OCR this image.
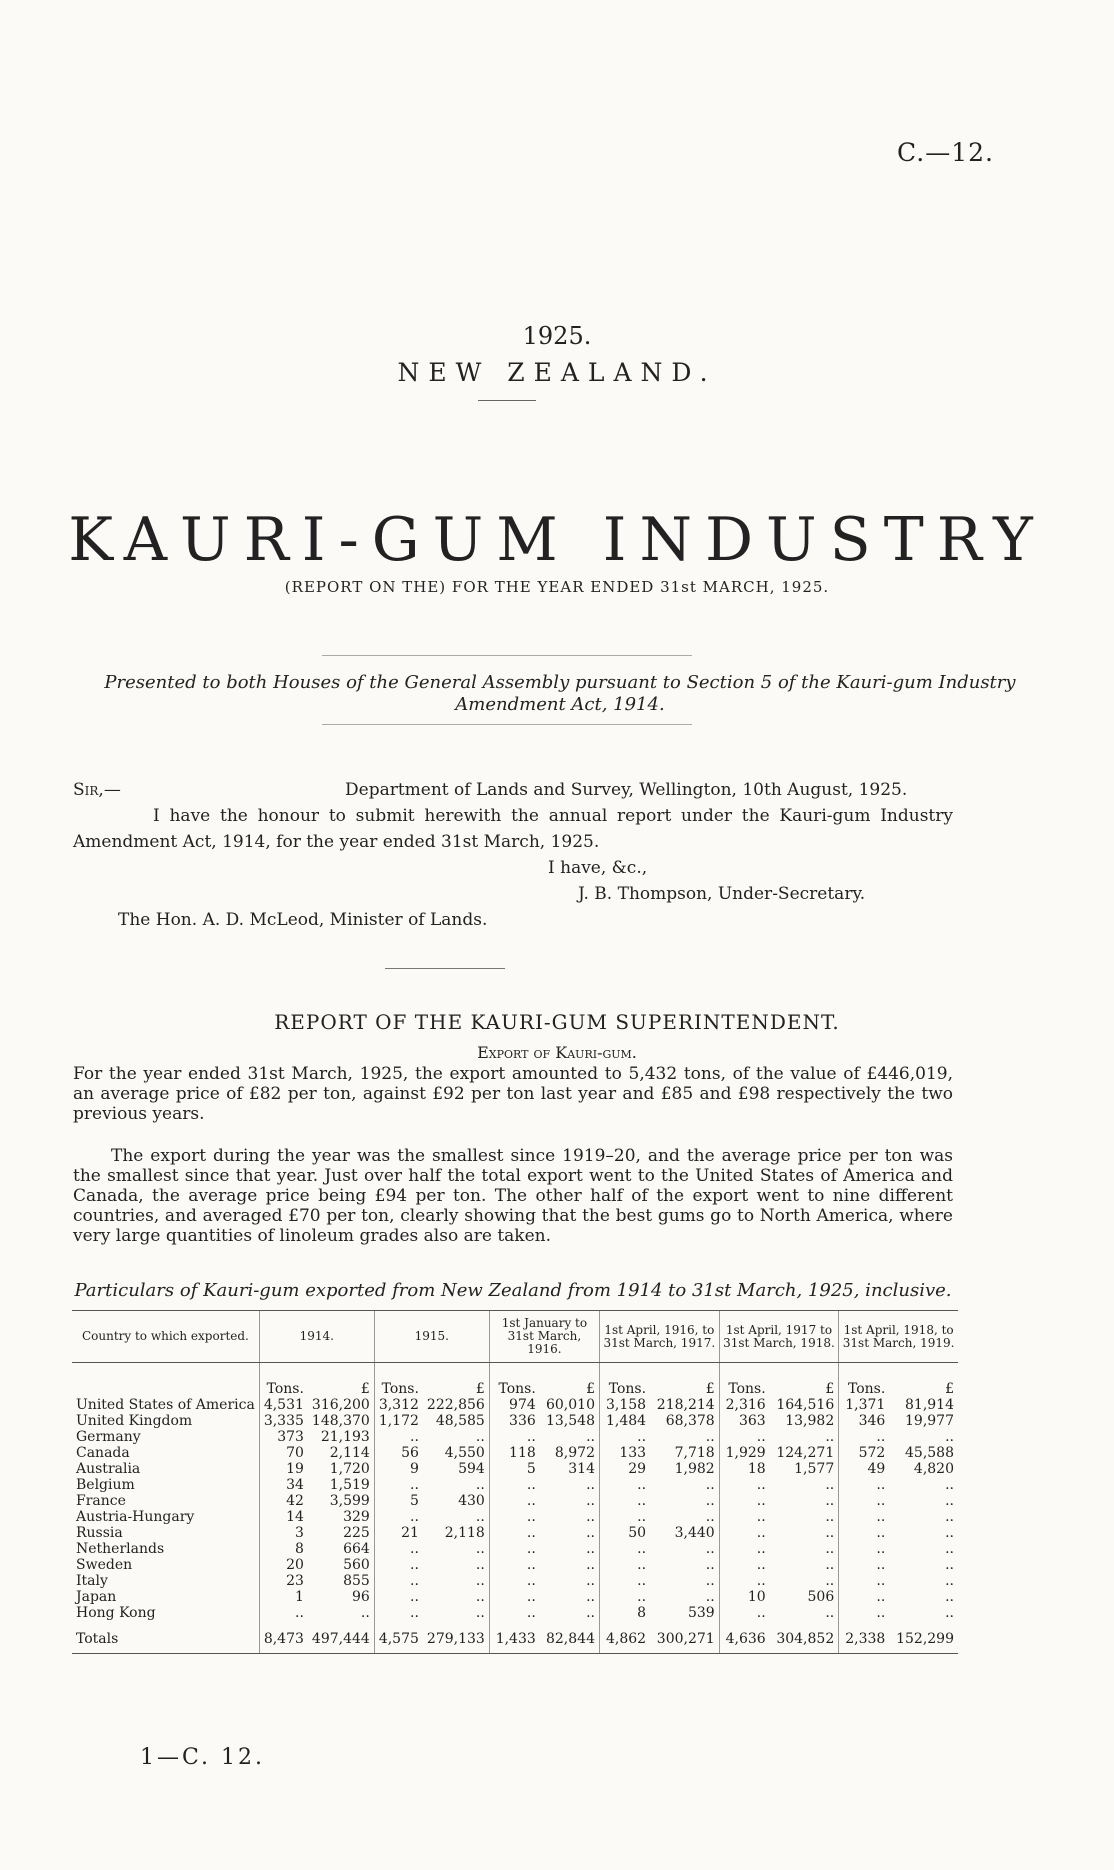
C.—12.
1925.
NEW ZEALAND.
KAURI-GUM INDUSTRY
(REPORT ON THE) FOR THE YEAR ENDED 31st MARCH, 1925.
Presented to both Houses of the General Assembly pursuant to Section 5 of the Kauri-gum Industry Amendment Act, 1914.
Sir,—	Department of Lands and Survey, Wellington, 10th August, 1925.
I have the honour to submit herewith the annual report under the Kauri-gum Industry Amendment Act, 1914, for the year ended 31st March, 1925.
I have, &c.,
J. B. Thompson, Under-Secretary.
The Hon. A. D. McLeod, Minister of Lands.
REPORT OF THE KAURI-GUM SUPERINTENDENT.
Export of Kauri-gum.
For the year ended 31st March, 1925, the export amounted to 5,432 tons, of the value of £446,019, an average price of £82 per ton, against £92 per ton last year and £85 and £98 respectively the two previous years.
The export during the year was the smallest since 1919–20, and the average price per ton was the smallest since that year. Just over half the total export went to the United States of America and Canada, the average price being £94 per ton. The other half of the export went to nine different countries, and averaged £70 per ton, clearly showing that the best gums go to North America, where very large quantities of linoleum grades also are taken.
Particulars of Kauri-gum exported from New Zealand from 1914 to 31st March, 1925, inclusive.
Country to which exported.	1914.		1915.		1st January to 31st March, 1916.		1st April, 1916, to 31st March, 1917.		1st April, 1917 to 31st March, 1918.		1st April, 1918, to 31st March, 1919.	
	Tons.	£	Tons.	£	Tons.	£	Tons.	£	Tons.	£	Tons.	£
United States of America	4,531	316,200	3,312	222,856	974	60,010	3,158	218,214	2,316	164,516	1,371	81,914
United Kingdom	3,335	148,370	1,172	48,585	336	13,548	1,484	68,378	363	13,982	346	19,977
Germany	373	21,193	..	..	..	..	..	..	..	..	..	..
Canada	70	2,114	56	4,550	118	8,972	133	7,718	1,929	124,271	572	45,588
Australia	19	1,720	9	594	5	314	29	1,982	18	1,577	49	4,820
Belgium	34	1,519	..	..	..	..	..	..	..	..	..	..
France	42	3,599	5	430	..	..	..	..	..	..	..	..
Austria-Hungary	14	329	..	..	..	..	..	..	..	..	..	..
Russia	3	225	21	2,118	..	..	50	3,440	..	..	..	..
Netherlands	8	664	..	..	..	..	..	..	..	..	..	..
Sweden	20	560	..	..	..	..	..	..	..	..	..	..
Italy	23	855	..	..	..	..	..	..	..	..	..	..
Japan	1	96	..	..	..	..	..	..	10	506	..	..
Hong Kong	..	..	..	..	..	..	8	539	..	..	..	..
Totals	8,473	497,444	4,575	279,133	1,433	82,844	4,862	300,271	4,636	304,852	2,338	152,299
1—C. 12.
